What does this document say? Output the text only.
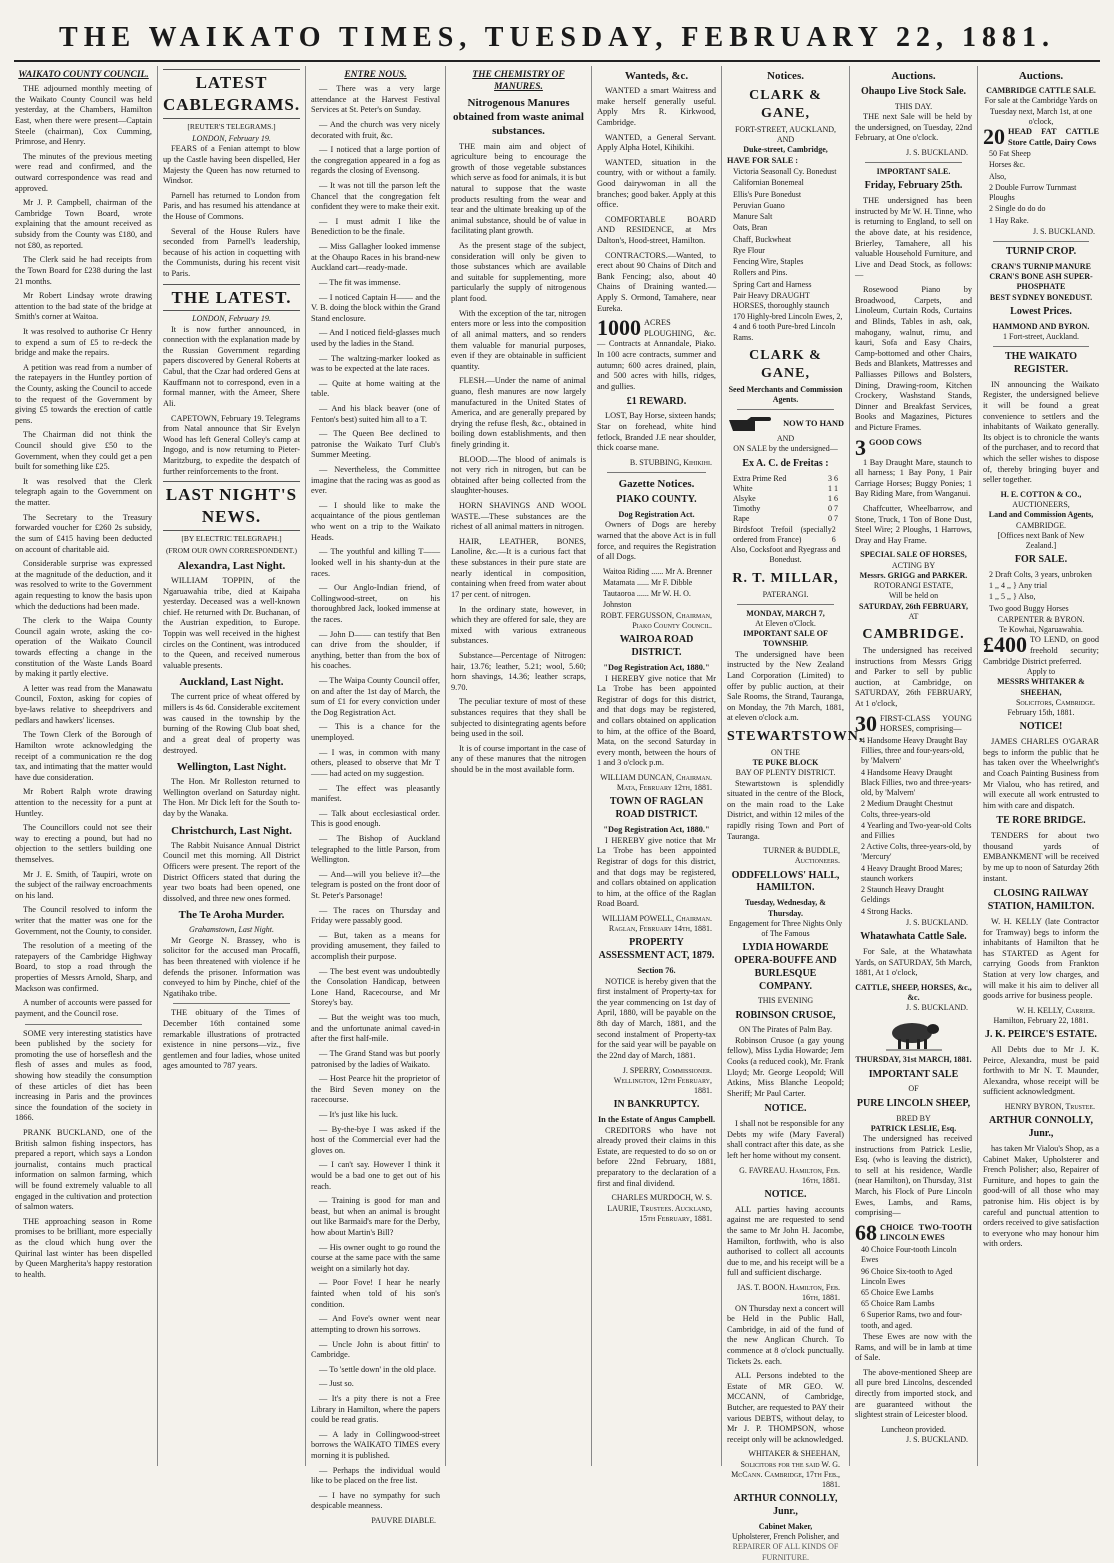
THE WAIKATO TIMES, TUESDAY, FEBRUARY 22, 1881.
WAIKATO COUNTY COUNCIL.

THE adjourned monthly meeting of the Waikato County Council was held yesterday, at the Chambers, Hamilton East, when there were present—Captain Steele (chairman), Cox Cumming, Primrose, and Henry.

The minutes of the previous meeting were read and confirmed, and the outward correspondence was read and approved.

Mr J. P. Campbell, chairman of the Cambridge Town Board, wrote explaining that the amount received as subsidy from the County was £180, and not £80, as reported.

The Clerk said he had receipts from the Town Board for £238 during the last 21 months.

Mr Robert Lindsay wrote drawing attention to the bad state of the bridge at Smith's corner at Waitoa.

It was resolved to authorise Cr Henry to expend a sum of £5 to re-deck the bridge and make the repairs.

A petition was read from a number of the ratepayers in the Huntley portion of the County, asking the Council to accede to the request of the Government by giving £5 towards the erection of cattle pens.

The Chairman did not think the Council should give £50 to the Government, when they could get a pen built for something like £25.

It was resolved that the Clerk telegraph again to the Government on the matter.

The Secretary to the Treasury forwarded voucher for £260 2s subsidy, the sum of £415 having been deducted on account of charitable aid.

Considerable surprise was expressed at the magnitude of the deduction, and it was resolved to write to the Government again requesting to know the basis upon which the deductions had been made.

The clerk to the Waipa County Council again wrote, asking the co-operation of the Waikato Council towards effecting a change in the constitution of the Waste Lands Board by making it partly elective.

A letter was read from the Manawatu Council, Foxton, asking for copies of bye-laws relative to sheepdrivers and pedlars and hawkers' licenses.

The Town Clerk of the Borough of Hamilton wrote acknowledging the receipt of a communication re the dog tax, and intimating that the matter would have due consideration.

Mr Robert Ralph wrote drawing attention to the necessity for a punt at Huntley.

The Councillors could not see their way to erecting a pound, but had no objection to the settlers building one themselves.

Mr J. E. Smith, of Taupiri, wrote on the subject of the railway encroachments on his land.

The Council resolved to inform the writer that the matter was one for the Government, not the County, to consider.

The resolution of a meeting of the ratepayers of the Cambridge Highway Board, to stop a road through the properties of Messrs Arnold, Sharp, and Mackson was confirmed.

A number of accounts were passed for payment, and the Council rose.

SOME very interesting statistics have been published by the society for promoting the use of horseflesh and the flesh of asses and mules as food, showing how steadily the consumption of these articles of diet has been increasing in Paris and the provinces since the foundation of the society in 1866.

PRANK BUCKLAND, one of the British salmon fishing inspectors, has prepared a report, which says a London journalist, contains much practical information on salmon farming, which will be found extremely valuable to all engaged in the cultivation and protection of salmon waters.

THE approaching season in Rome promises to be brilliant, more especially as the cloud which hung over the Quirinal last winter has been dispelled by Queen Margherita's happy restoration to health.

LATEST CABLEGRAMS.
[REUTER'S TELEGRAMS.]
LONDON, February 19.

FEARS of a Fenian attempt to blow up the Castle having been dispelled, Her Majesty the Queen has now returned to Windsor.

Parnell has returned to London from Paris, and has resumed his attendance at the House of Commons.

Several of the House Rulers have seconded from Parnell's leadership, because of his action in coquetting with the Communists, during his recent visit to Paris.

THE LATEST.
LONDON, February 19.

It is now further announced, in connection with the explanation made by the Russian Government regarding papers discovered by General Roberts at Cabul, that the Czar had ordered Gens at Kauffmann not to correspond, even in a formal manner, with the Ameer, Shere Ali.

CAPETOWN, February 19. Telegrams from Natal announce that Sir Evelyn Wood has left General Colley's camp at Ingogo, and is now returning to Pieter-Maritzburg, to expedite the despatch of further reinforcements to the front.

LAST NIGHT'S NEWS.
[BY ELECTRIC TELEGRAPH.]
(FROM OUR OWN CORRESPONDENT.)
Alexandra, Last Night.

WILLIAM TOPPIN, of the Ngaruawahia tribe, died at Kaipaha yesterday. Deceased was a well-known chief. He returned with Dr. Buchanan, of the Austrian expedition, to Europe. Toppin was well received in the highest circles on the Continent, was introduced to the Queen, and received numerous valuable presents.

Auckland, Last Night.

The current price of wheat offered by millers is 4s 6d. Considerable excitement was caused in the township by the burning of the Rowing Club boat shed, and a great deal of property was destroyed.

Wellington, Last Night.

The Hon. Mr Rolleston returned to Wellington overland on Saturday night. The Hon. Mr Dick left for the South to-day by the Wanaka.

Christchurch, Last Night.

The Rabbit Nuisance Annual District Council met this morning. All District Officers were present. The report of the District Officers stated that during the year two boats had been opened, one dissolved, and three new ones formed.

The Te Aroha Murder.
Grahamstown, Last Night.

Mr George N. Brassey, who is solicitor for the accused man Procaffi, has been threatened with violence if he defends the prisoner. Information was conveyed to him by Pinche, chief of the Ngatihako tribe.

THE obituary of the Times of December 16th contained some remarkable illustrations of protracted existence in nine persons—viz., five gentlemen and four ladies, whose united ages amounted to 787 years.

ENTRE NOUS.

— There was a very large attendance at the Harvest Festival Services at St. Peter's on Sunday.

— And the church was very nicely decorated with fruit, &c.

— I noticed that a large portion of the congregation appeared in a fog as regards the closing of Evensong.

— It was not till the parson left the Chancel that the congregation felt confident they were to make their exit.

— I must admit I like the Benediction to be the finale.

— Miss Gallagher looked immense at the Ohaupo Races in his brand-new Auckland cart—ready-made.

— The fit was immense.

— I noticed Captain H—— and the V. B. doing the block within the Grand Stand enclosure.

— And I noticed field-glasses much used by the ladies in the Stand.

— The waltzing-marker looked as was to be expected at the late races.

— Quite at home waiting at the table.

— And his black beaver (one of Fenton's best) suited him all to a T.

— The Queen Bee declined to patronise the Waikato Turf Club's Summer Meeting.

— Nevertheless, the Committee imagine that the racing was as good as ever.

— I should like to make the acquaintance of the pious gentleman who went on a trip to the Waikato Heads.

— The youthful and killing T—— looked well in his shanty-dun at the races.

— Our Anglo-Indian friend, of Collingwood-street, on his thoroughbred Jack, looked immense at the races.

— John D—— can testify that Ben can drive from the shoulder, if anything, better than from the box of his coaches.

— The Waipa County Council offer, on and after the 1st day of March, the sum of £1 for every conviction under the Dog Registration Act.

— This is a chance for the unemployed.

— I was, in common with many others, pleased to observe that Mr T—— had acted on my suggestion.

— The effect was pleasantly manifest.

— Talk about ecclesiastical order. This is good enough.

— The Bishop of Auckland telegraphed to the little Parson, from Wellington.

— And—will you believe it?—the telegram is posted on the front door of St. Peter's Parsonage!

— The races on Thursday and Friday were passably good.

— But, taken as a means for providing amusement, they failed to accomplish their purpose.

— The best event was undoubtedly the Consolation Handicap, between Lone Hand, Racecourse, and Mr Storey's bay.

— But the weight was too much, and the unfortunate animal caved-in after the first half-mile.

— The Grand Stand was but poorly patronised by the ladies of Waikato.

— Host Pearce hit the proprietor of the Bird Seven money on the racecourse.

— It's just like his luck.

— By-the-bye I was asked if the host of the Commercial ever had the gloves on.

— I can't say. However I think it would be a bad one to get out of his reach.

— Training is good for man and beast, but when an animal is brought out like Barmaid's mare for the Derby, how about Martin's Bill?

— His owner ought to go round the course at the same pace with the same weight on a similarly hot day.

— Poor Fove! I hear he nearly fainted when told of his son's condition.

— And Fove's owner went near attempting to drown his sorrows.

— Uncle John is about fittin' to Cambridge.

— To 'settle down' in the old place.

— Just so.

— It's a pity there is not a Free Library in Hamilton, where the papers could be read gratis.

— A lady in Collingwood-street borrows the WAIKATO TIMES every morning it is published.

— Perhaps the individual would like to be placed on the free list.

— I have no sympathy for such despicable meanness.

PAUVRE DIABLE.
THE CHEMISTRY OF MANURES.
Nitrogenous Manures obtained from waste animal substances.

THE main aim and object of agriculture being to encourage the growth of those vegetable substances which serve as food for animals, it is but natural to suppose that the waste products resulting from the wear and tear and the ultimate breaking up of the animal substance, should be of value in facilitating plant growth.

As the present stage of the subject, consideration will only be given to those substances which are available and suitable for supplementing, more particularly the supply of nitrogenous plant food.

With the exception of the tar, nitrogen enters more or less into the composition of all animal matters, and so renders them valuable for manurial purposes, even if they are obtainable in sufficient quantity.

FLESH.—Under the name of animal guano, flesh manures are now largely manufactured in the United States of America, and are generally prepared by drying the refuse flesh, &c., obtained in boiling down establishments, and then finely grinding it.

BLOOD.—The blood of animals is not very rich in nitrogen, but can be obtained after being collected from the slaughter-houses.

HORN SHAVINGS AND WOOL WASTE.—These substances are the richest of all animal matters in nitrogen.

HAIR, LEATHER, BONES, Lanoline, &c.—It is a curious fact that these substances in their pure state are nearly identical in composition, containing when freed from water about 17 per cent. of nitrogen.

In the ordinary state, however, in which they are offered for sale, they are mixed with various extraneous substances.

Substance—Percentage of Nitrogen: hair, 13.76; leather, 5.21; wool, 5.60; horn shavings, 14.36; leather scraps, 9.70.

The peculiar texture of most of these substances requires that they shall be subjected to disintegrating agents before being used in the soil.

It is of course important in the case of any of these manures that the nitrogen should be in the most available form.

Wanteds, &c.

WANTED a smart Waitress and make herself generally useful. Apply Mrs R. Kirkwood, Cambridge.

WANTED, a General Servant. Apply Alpha Hotel, Kihikihi.

WANTED, situation in the country, with or without a family. Good dairywoman in all the branches; good baker. Apply at this office.

COMFORTABLE BOARD AND RESIDENCE, at Mrs Dalton's, Hood-street, Hamilton.

CONTRACTORS.—Wanted, to erect about 90 Chains of Ditch and Bank Fencing; also, about 40 Chains of Draining wanted.—Apply S. Ormond, Tamahere, near Eureka.

1000 ACRES PLOUGHING, &c.— Contracts at Annandale, Piako. In 100 acre contracts, summer and autumn; 600 acres drained, plain, and 500 acres with hills, ridges, and gullies.
£1 REWARD.

LOST, Bay Horse, sixteen hands; Star on forehead, white hind fetlock, Branded J.E near shoulder, thick coarse mane.

B. STUBBING, Kihikihi.
Gazette Notices.
PIAKO COUNTY.
Dog Registration Act.

Owners of Dogs are hereby warned that the above Act is in full force, and requires the Registration of all Dogs.

Waitoa Riding ...... Mr A. Brenner
Matamata ...... Mr F. Dibble
Tautaoroa ...... Mr W. H. O. Johnston
ROBT. FERGUSSON, Chairman, Piako County Council.
WAIROA ROAD DISTRICT.
"Dog Registration Act, 1880."

I HEREBY give notice that Mr La Trobe has been appointed Registrar of dogs for this district, and that dogs may be registered, and collars obtained on application to him, at the office of the Board, Mata, on the second Saturday in every month, between the hours of 1 and 3 o'clock p.m.

WILLIAM DUNCAN, Chairman. Mata, February 12th, 1881.
TOWN OF RAGLAN ROAD DISTRICT.
"Dog Registration Act, 1880."

I HEREBY give notice that Mr La Trobe has been appointed Registrar of dogs for this district, and that dogs may be registered, and collars obtained on application to him, at the office of the Raglan Road Board.

WILLIAM POWELL, Chairman. Raglan, February 14th, 1881.
PROPERTY ASSESSMENT ACT, 1879.
Section 76.

NOTICE is hereby given that the first instalment of Property-tax for the year commencing on 1st day of April, 1880, will be payable on the 8th day of March, 1881, and the second instalment of Property-tax for the said year will be payable on the 22nd day of March, 1881.

J. SPERRY, Commissioner. Wellington, 12th February, 1881.
IN BANKRUPTCY.
In the Estate of Angus Campbell.

CREDITORS who have not already proved their claims in this Estate, are requested to do so on or before 22nd February, 1881, preparatory to the declaration of a first and final dividend.

CHARLES MURDOCH, W. S. LAURIE, Trustees. Auckland, 15th February, 1881.
Notices.
CLARK & GANE,
FORT-STREET, AUCKLAND,
AND
Duke-street, Cambridge,
HAVE FOR SALE :
Victoria Seasonall Cy. Bonedust
Californian Bonemeal
Ellis's Pure Bonedust
Peruvian Guano
Manure Salt
Oats, Bran
Chaff, Buckwheat
Rye Flour
Fencing Wire, Staples
Rollers and Pins.
Spring Cart and Harness
Pair Heavy DRAUGHT HORSES, thoroughly staunch
170 Highly-bred Lincoln Ewes, 2, 4 and 6 tooth Pure-bred Lincoln Rams.
CLARK & GANE,
Seed Merchants and Commission Agents.
NOW TO HAND
AND
ON SALE by the undersigned—
Ex A. C. de Freitas :
Extra Prime Red	3 6
White	1 1
Alsyke	1 6
Timothy	0 7
Rape	0 7
Birdsfoot Trefoil (specially ordered from France)
2 6
Also, Cocksfoot and Ryegrass and Bonedust.
R. T. MILLAR,
PATERANGI.
MONDAY, MARCH 7,
At Eleven o'Clock.
IMPORTANT SALE OF TOWNSHIP.

The undersigned have been instructed by the New Zealand Land Corporation (Limited) to offer by public auction, at their Sale Rooms, the Strand, Tauranga, on Monday, the 7th March, 1881, at eleven o'clock a.m.

STEWARTSTOWN,
ON THE
TE PUKE BLOCK
BAY OF PLENTY DISTRICT.

Stewartstown is splendidly situated in the centre of the Block, on the main road to the Lake District, and within 12 miles of the rapidly rising Town and Port of Tauranga.

TURNER & BUDDLE, Auctioneers.
ODDFELLOWS' HALL, HAMILTON.
Tuesday, Wednesday, & Thursday.
Engagement for Three Nights Only of The Famous
LYDIA HOWARDE OPERA-BOUFFE AND BURLESQUE COMPANY.
THIS EVENING
ROBINSON CRUSOE,
ON The Pirates of Palm Bay.

Robinson Crusoe (a gay young fellow), Miss Lydia Howarde; Jem Cooks (a reduced cook), Mr. Frank Lloyd; Mr. George Leopold; Will Atkins, Miss Blanche Leopold; Sheriff; Mr Paul Carter.

NOTICE.

I shall not be responsible for any Debts my wife (Mary Faveral) shall contract after this date, as she left her home without my consent.

G. FAVREAU. Hamilton, Feb. 16th, 1881.
NOTICE.

ALL parties having accounts against me are requested to send the same to Mr John H. Jacombe, Hamilton, forthwith, who is also authorised to collect all accounts due to me, and his receipt will be a full and sufficient discharge.

JAS. T. BOON. Hamilton, Feb. 16th, 1881.

ON Thursday next a concert will be Held in the Public Hall, Cambridge, in aid of the fund of the new Anglican Church. To commence at 8 o'clock punctually. Tickets 2s. each.

ALL Persons indebted to the Estate of MR GEO. W. MCCANN, of Cambridge, Butcher, are requested to PAY their various DEBTS, without delay, to Mr J. P. THOMPSON, whose receipt only will be acknowledged.

WHITAKER & SHEEHAN, Solicitors for the said W. G. McCann. Cambridge, 17th Feb., 1881.
ARTHUR CONNOLLY, Junr.,
Cabinet Maker,
Upholsterer, French Polisher, and
REPAIRER OF ALL KINDS OF FURNITURE.
Auctions.
Ohaupo Live Stock Sale.
THIS DAY.

THE next Sale will be held by the undersigned, on Tuesday, 22nd February, at One o'clock.

J. S. BUCKLAND.
IMPORTANT SALE.
Friday, February 25th.

THE undersigned has been instructed by Mr W. H. Tinne, who is returning to England, to sell on the above date, at his residence, Brierley, Tamahere, all his valuable Household Furniture, and Live and Dead Stock, as follows:—

Rosewood Piano by Broadwood, Carpets, and Linoleum, Curtain Rods, Curtains and Blinds, Tables in ash, oak, mahogany, walnut, rimu, and kauri, Sofa and Easy Chairs, Camp-bottomed and other Chairs, Beds and Blankets, Mattresses and Palliasses Pillows and Bolsters, Dining, Drawing-room, Kitchen Crockery, Washstand Stands, Dinner and Breakfast Services, Books and Magazines, Pictures and Picture Frames.

3 GOOD COWS

1 Bay Draught Mare, staunch to all harness; 1 Bay Pony, 1 Pair Carriage Horses; Buggy Ponies; 1 Bay Riding Mare, from Wanganui.

Chaffcutter, Wheelbarrow, and Stone, Truck, 1 Ton of Bone Dust, Steel Wire; 2 Ploughs, 1 Harrows, Dray and Hay Frame.

SPECIAL SALE OF HORSES,
ACTING BY
Messrs. GRIGG and PARKER.
ROTORANGI ESTATE,
Will be held on
SATURDAY, 26th FEBRUARY,
AT
CAMBRIDGE.

The undersigned has received instructions from Messrs Grigg and Parker to sell by public auction, at Cambridge, on SATURDAY, 26th FEBRUARY, At 1 o'clock,

30 FIRST-CLASS YOUNG HORSES, comprising—
4 Handsome Heavy Draught Bay Fillies, three and four-years-old, by 'Malvern'
4 Handsome Heavy Draught Black Fillies, two and three-years-old, by 'Malvern'
2 Medium Draught Chestnut Colts, three-years-old
4 Yearling and Two-year-old Colts and Fillies
2 Active Colts, three-years-old, by 'Mercury'
4 Heavy Draught Brood Mares; staunch workers
2 Staunch Heavy Draught Geldings
4 Strong Hacks.
J. S. BUCKLAND.
Whatawhata Cattle Sale.

For Sale, at the Whatawhata Yards, on SATURDAY, 5th March, 1881, At 1 o'clock,

CATTLE, SHEEP, HORSES, &c., &c.
J. S. BUCKLAND.
THURSDAY, 31st MARCH, 1881.
IMPORTANT SALE
OF
PURE LINCOLN SHEEP,
BRED BY
PATRICK LESLIE, Esq.

The undersigned has received instructions from Patrick Leslie, Esq. (who is leaving the district), to sell at his residence, Wardle (near Hamilton), on Thursday, 31st March, his Flock of Pure Lincoln Ewes, Lambs, and Rams, comprising—

68 CHOICE TWO-TOOTH LINCOLN EWES
40 Choice Four-tooth Lincoln Ewes
96 Choice Six-tooth to Aged Lincoln Ewes
65 Choice Ewe Lambs
65 Choice Ram Lambs
6 Superior Rams, two and four-tooth, and aged.

These Ewes are now with the Rams, and will be in lamb at time of Sale.

The above-mentioned Sheep are all pure bred Lincolns, descended directly from imported stock, and are guaranteed without the slightest strain of Leicester blood.

Luncheon provided.
J. S. BUCKLAND.
Auctions.
CAMBRIDGE CATTLE SALE.
For sale at the Cambridge Yards on Tuesday next, March 1st, at one o'clock,
20 HEAD FAT CATTLE Store Cattle, Dairy Cows
50 Fat Sheep
Horses &c.
Also,
2 Double Furrow Turnmast Ploughs
2 Single do do do
1 Hay Rake.
J. S. BUCKLAND.
TURNIP CROP.
CRAN'S TURNIP MANURE
CRAN'S BONE ASH SUPER-PHOSPHATE
BEST SYDNEY BONEDUST.
Lowest Prices.
HAMMOND AND BYRON.
1 Fort-street, Auckland.
THE WAIKATO REGISTER.

IN announcing the Waikato Register, the undersigned believe it will be found a great convenience to settlers and the inhabitants of Waikato generally. Its object is to chronicle the wants of the purchaser, and to record that which the seller wishes to dispose of, thereby bringing buyer and seller together.

H. E. COTTON & CO.,
AUCTIONEERS,
Land and Commission Agents,
CAMBRIDGE.
[Offices next Bank of New Zealand.]
FOR SALE.
2 Draft Colts, 3 years, unbroken
1 ,, 4 ,, } Any trial
1 ,, 5 ,, } Also,
Two good Buggy Horses
CARPENTER & BYRON.
Te Kowhai, Ngaruawahia.
£400 TO LEND, on good freehold security; Cambridge District preferred.
Apply to
MESSRS WHITAKER & SHEEHAN,
Solicitors, Cambridge.
February 15th, 1881.
NOTICE!

JAMES CHARLES O'GARAR begs to inform the public that he has taken over the Wheelwright's and Coach Painting Business from Mr Vialou, who has retired, and will execute all work entrusted to him with care and dispatch.

TE RORE BRIDGE.

TENDERS for about two thousand yards of EMBANKMENT will be received by me up to noon of Saturday 26th instant.

CLOSING RAILWAY STATION, HAMILTON.

W. H. KELLY (late Contractor for Tramway) begs to inform the inhabitants of Hamilton that he has STARTED as Agent for carrying Goods from Frankton Station at very low charges, and will make it his aim to deliver all goods arrive for business people.

W. H. KELLY, Carrier.
Hamilton, February 22, 1881.
J. K. PEIRCE'S ESTATE.

All Debts due to Mr J. K. Peirce, Alexandra, must be paid forthwith to Mr N. T. Maunder, Alexandra, whose receipt will be sufficient acknowledgment.

HENRY BYRON, Trustee.
ARTHUR CONNOLLY, Junr.,

has taken Mr Vialou's Shop, as a Cabinet Maker, Upholsterer and French Polisher; also, Repairer of Furniture, and hopes to gain the good-will of all those who may patronise him. His object is by careful and punctual attention to orders received to give satisfaction to everyone who may honour him with orders.
